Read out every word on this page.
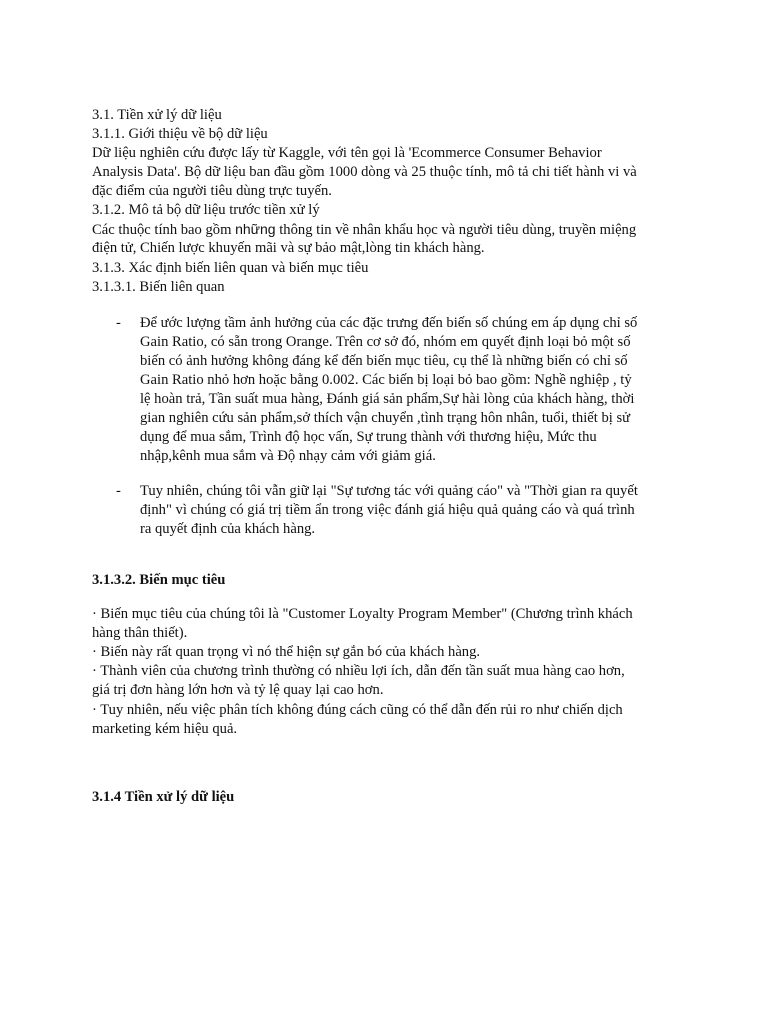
3.1. Tiền xử lý dữ liệu
3.1.1. Giới thiệu về bộ dữ liệu
Dữ liệu nghiên cứu được lấy từ Kaggle, với tên gọi là 'Ecommerce Consumer Behavior
Analysis Data'. Bộ dữ liệu ban đầu gồm 1000 dòng và 25 thuộc tính, mô tả chi tiết hành vi và
đặc điểm của người tiêu dùng trực tuyến.
3.1.2. Mô tả bộ dữ liệu trước tiền xử lý
Các thuộc tính bao gồm những thông tin về nhân khẩu học và người tiêu dùng, truyền miệng
điện tử, Chiến lược khuyến mãi và sự bảo mật,lòng tin khách hàng.
3.1.3. Xác định biến liên quan và biến mục tiêu
3.1.3.1. Biến liên quan
- Để ước lượng tầm ảnh hưởng của các đặc trưng đến biến số chúng em áp dụng chỉ số
Gain Ratio, có sẵn trong Orange. Trên cơ sở đó, nhóm em quyết định loại bỏ một số
biến có ảnh hưởng không đáng kể đến biến mục tiêu, cụ thể là những biến có chỉ số
Gain Ratio nhỏ hơn hoặc bằng 0.002. Các biến bị loại bỏ bao gồm: Nghề nghiệp , tỷ
lệ hoàn trả, Tần suất mua hàng, Đánh giá sản phẩm,Sự hài lòng của khách hàng, thời
gian nghiên cứu sản phẩm,sở thích vận chuyển ,tình trạng hôn nhân, tuổi, thiết bị sử
dụng để mua sắm, Trình độ học vấn, Sự trung thành với thương hiệu, Mức thu
nhập,kênh mua sắm và Độ nhạy cảm với giảm giá.
- Tuy nhiên, chúng tôi vẫn giữ lại "Sự tương tác với quảng cáo" và "Thời gian ra quyết
định" vì chúng có giá trị tiềm ẩn trong việc đánh giá hiệu quả quảng cáo và quá trình
ra quyết định của khách hàng.
3.1.3.2. Biến mục tiêu
· Biến mục tiêu của chúng tôi là "Customer Loyalty Program Member" (Chương trình khách
hàng thân thiết).
· Biến này rất quan trọng vì nó thể hiện sự gắn bó của khách hàng.
· Thành viên của chương trình thường có nhiều lợi ích, dẫn đến tần suất mua hàng cao hơn,
giá trị đơn hàng lớn hơn và tỷ lệ quay lại cao hơn.
· Tuy nhiên, nếu việc phân tích không đúng cách cũng có thể dẫn đến rủi ro như chiến dịch
marketing kém hiệu quả.
3.1.4 Tiền xử lý dữ liệu
